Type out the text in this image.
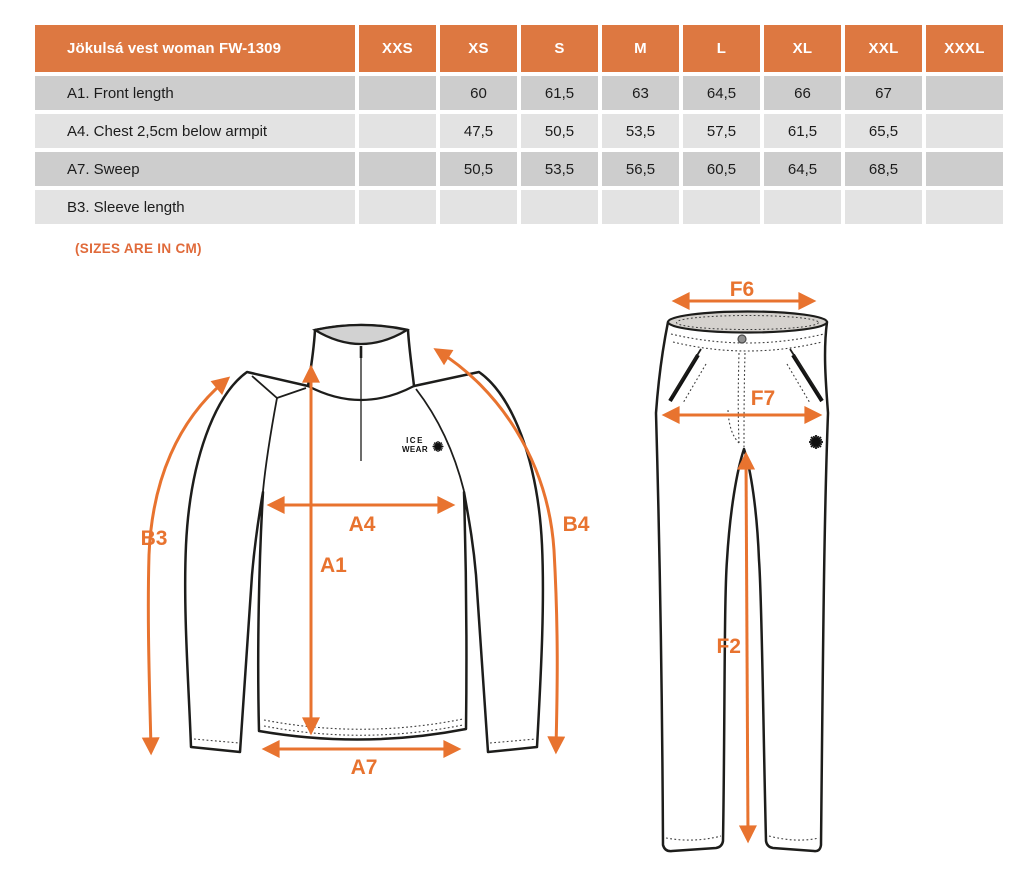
Jökulsá vest woman FW-1309	XXS	XS	S	M	L	XL	XXL	XXXL
A1. Front length		60	61,5	63	64,5	66	67	
A4. Chest 2,5cm below armpit		47,5	50,5	53,5	57,5	61,5	65,5	
A7. Sweep		50,5	53,5	56,5	60,5	64,5	68,5	
B3. Sleeve length								
(SIZES ARE IN CM)
ICE
WEAR
B3
B4
A4
A1
A7
F6
F7
F2
